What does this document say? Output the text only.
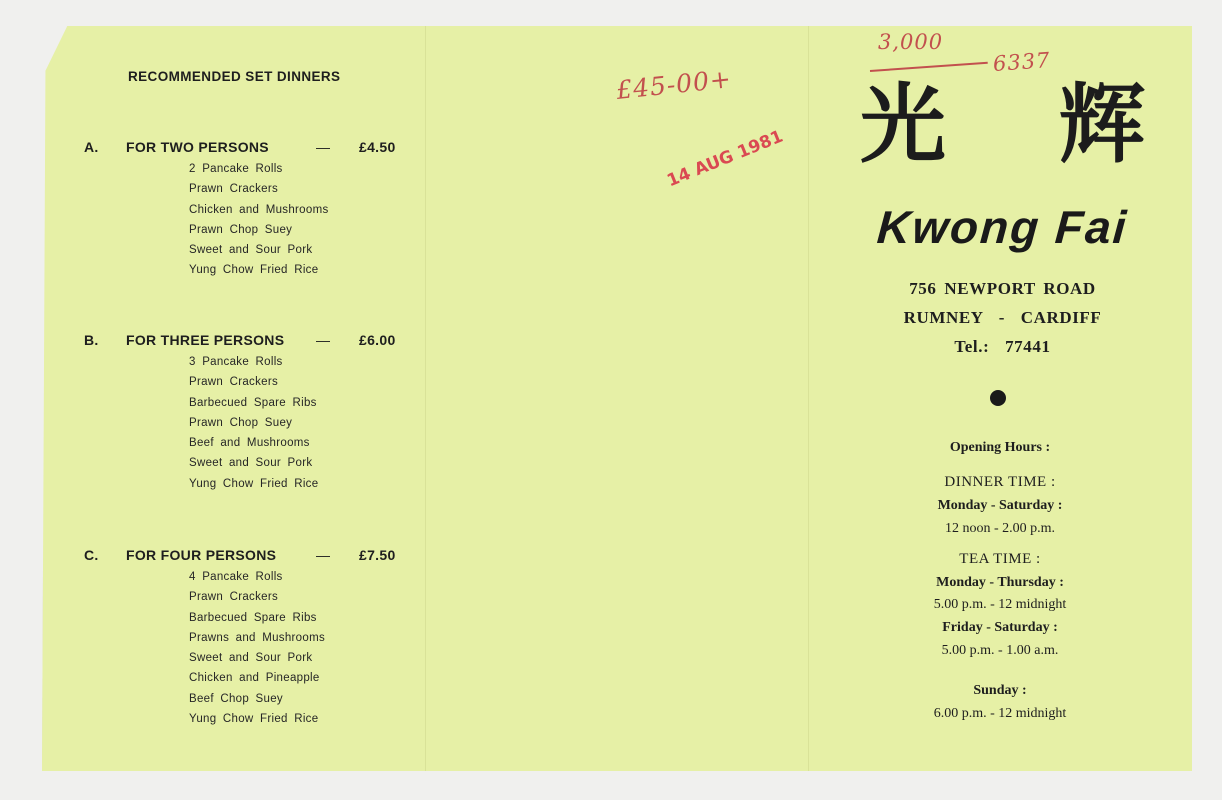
RECOMMENDED SET DINNERS
A. FOR TWO PERSONS	— £4.50
2 Pancake Rolls
Prawn Crackers
Chicken and Mushrooms
Prawn Chop Suey
Sweet and Sour Pork
Yung Chow Fried Rice
B. FOR THREE PERSONS — £6.00
3 Pancake Rolls
Prawn Crackers
Barbecued Spare Ribs
Prawn Chop Suey
Beef and Mushrooms
Sweet and Sour Pork
Yung Chow Fried Rice
C. FOR FOUR PERSONS	— £7.50
4 Pancake Rolls
Prawn Crackers
Barbecued Spare Ribs
Prawns and Mushrooms
Sweet and Sour Pork
Chicken and Pineapple
Beef Chop Suey
Yung Chow Fried Rice
£45-00+
14 AUG 1981
3,000
6337
光 辉
Kwong Fai
756 NEWPORT ROAD
RUMNEY  -  CARDIFF
Tel.:  77441
Opening Hours :
DINNER TIME :
Monday - Saturday :
12 noon - 2.00 p.m.
TEA TIME :
Monday - Thursday :
5.00 p.m. - 12 midnight
Friday - Saturday :
5.00 p.m. - 1.00 a.m.
Sunday :
6.00 p.m. - 12 midnight
